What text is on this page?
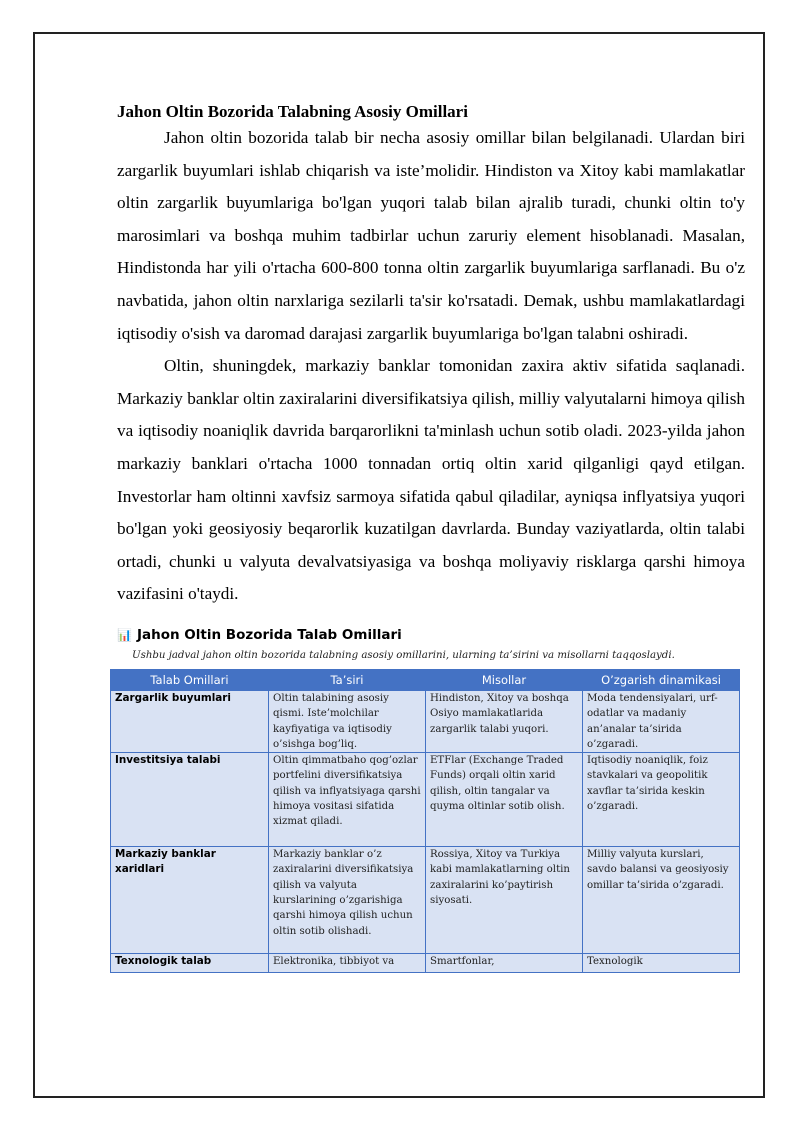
Jahon Oltin Bozorida Talabning Asosiy Omillari

Jahon oltin bozorida talab bir necha asosiy omillar bilan belgilanadi. Ulardan biri zargarlik buyumlari ishlab chiqarish va iste’molidir. Hindiston va Xitoy kabi mamlakatlar oltin zargarlik buyumlariga bo'lgan yuqori talab bilan ajralib turadi, chunki oltin to'y marosimlari va boshqa muhim tadbirlar uchun zaruriy element hisoblanadi. Masalan, Hindistonda har yili o'rtacha 600-800 tonna oltin zargarlik buyumlariga sarflanadi. Bu o'z navbatida, jahon oltin narxlariga sezilarli ta'sir ko'rsatadi. Demak, ushbu mamlakatlardagi iqtisodiy o'sish va daromad darajasi zargarlik buyumlariga bo'lgan talabni oshiradi.

Oltin, shuningdek, markaziy banklar tomonidan zaxira aktiv sifatida saqlanadi. Markaziy banklar oltin zaxiralarini diversifikatsiya qilish, milliy valyutalarni himoya qilish va iqtisodiy noaniqlik davrida barqarorlikni ta'minlash uchun sotib oladi. 2023-yilda jahon markaziy banklari o'rtacha 1000 tonnadan ortiq oltin xarid qilganligi qayd etilgan. Investorlar ham oltinni xavfsiz sarmoya sifatida qabul qiladilar, ayniqsa inflyatsiya yuqori bo'lgan yoki geosiyosiy beqarorlik kuzatilgan davrlarda. Bunday vaziyatlarda, oltin talabi ortadi, chunki u valyuta devalvatsiyasiga va boshqa moliyaviy risklarga qarshi himoya vazifasini o'taydi.

📊 Jahon Oltin Bozorida Talab Omillari
Ushbu jadval jahon oltin bozorida talabning asosiy omillarini, ularning ta’sirini va misollarni taqqoslaydi.
Talab Omillari	Ta’siri	Misollar	O’zgarish dinamikasi
Zargarlik buyumlari	Oltin talabining asosiy qismi. Iste’molchilar kayfiyatiga va iqtisodiy o’sishga bog’liq.	Hindiston, Xitoy va boshqa Osiyo mamlakatlarida zargarlik talabi yuqori.	Moda tendensiyalari, urf-odatlar va madaniy an’analar ta’sirida o’zgaradi.
Investitsiya talabi	Oltin qimmatbaho qog’ozlar portfelini diversifikatsiya qilish va inflyatsiyaga qarshi himoya vositasi sifatida xizmat qiladi.	ETFlar (Exchange Traded Funds) orqali oltin xarid qilish, oltin tangalar va quyma oltinlar sotib olish.	Iqtisodiy noaniqlik, foiz stavkalari va geopolitik xavflar ta’sirida keskin o’zgaradi.
Markaziy banklar xaridlari	Markaziy banklar o’z zaxiralarini diversifikatsiya qilish va valyuta kurslarining o’zgarishiga qarshi himoya qilish uchun oltin sotib olishadi.	Rossiya, Xitoy va Turkiya kabi mamlakatlarning oltin zaxiralarini ko’paytirish siyosati.	Milliy valyuta kurslari, savdo balansi va geosiyosiy omillar ta’sirida o’zgaradi.
Texnologik talab	Elektronika, tibbiyot va	Smartfonlar,	Texnologik
